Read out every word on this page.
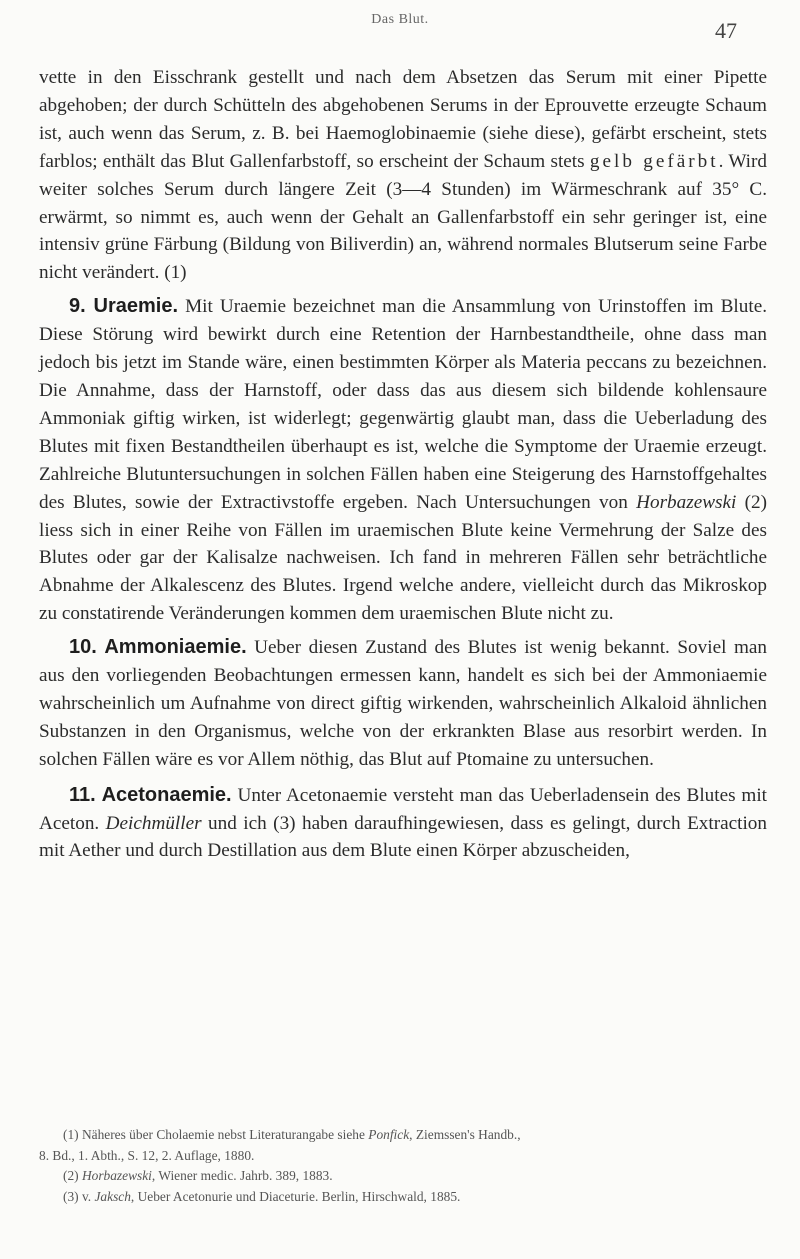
Das Blut.	47

vette in den Eisschrank gestellt und nach dem Absetzen das Serum mit einer Pipette abgehoben; der durch Schütteln des abgehobenen Serums in der Eprouvette erzeugte Schaum ist, auch wenn das Serum, z. B. bei Haemoglobinaemie (siehe diese), gefärbt erscheint, stets farblos; enthält das Blut Gallenfarbstoff, so erscheint der Schaum stets gelb gefärbt. Wird weiter solches Serum durch längere Zeit (3—4 Stunden) im Wärmeschrank auf 35° C. erwärmt, so nimmt es, auch wenn der Gehalt an Gallenfarbstoff ein sehr geringer ist, eine intensiv grüne Färbung (Bildung von Biliverdin) an, während normales Blutserum seine Farbe nicht verändert. (1)

9. Uraemie. Mit Uraemie bezeichnet man die Ansammlung von Urinstoffen im Blute. Diese Störung wird bewirkt durch eine Retention der Harnbestandtheile, ohne dass man jedoch bis jetzt im Stande wäre, einen bestimmten Körper als Materia peccans zu bezeichnen. Die Annahme, dass der Harnstoff, oder dass das aus diesem sich bildende kohlensaure Ammoniak giftig wirken, ist widerlegt; gegenwärtig glaubt man, dass die Ueberladung des Blutes mit fixen Bestandtheilen überhaupt es ist, welche die Symptome der Uraemie erzeugt. Zahlreiche Blutuntersuchungen in solchen Fällen haben eine Steigerung des Harnstoffgehaltes des Blutes, sowie der Extractivstoffe ergeben. Nach Untersuchungen von Horbazewski (2) liess sich in einer Reihe von Fällen im uraemischen Blute keine Vermehrung der Salze des Blutes oder gar der Kalisalze nachweisen. Ich fand in mehreren Fällen sehr beträchtliche Abnahme der Alkalescenz des Blutes. Irgend welche andere, vielleicht durch das Mikroskop zu constatirende Veränderungen kommen dem uraemischen Blute nicht zu.

10. Ammoniaemie. Ueber diesen Zustand des Blutes ist wenig bekannt. Soviel man aus den vorliegenden Beobachtungen ermessen kann, handelt es sich bei der Ammoniaemie wahrscheinlich um Aufnahme von direct giftig wirkenden, wahrscheinlich Alkaloid ähnlichen Substanzen in den Organismus, welche von der erkrankten Blase aus resorbirt werden. In solchen Fällen wäre es vor Allem nöthig, das Blut auf Ptomaine zu untersuchen.

11. Acetonaemie. Unter Acetonaemie versteht man das Ueberladensein des Blutes mit Aceton. Deichmüller und ich (3) haben daraufhingewiesen, dass es gelingt, durch Extraction mit Aether und durch Destillation aus dem Blute einen Körper abzuscheiden,

(1) Näheres über Cholaemie nebst Literaturangabe siehe Ponfick, Ziemssen's Handb.,

8. Bd., 1. Abth., S. 12, 2. Auflage, 1880.

(2) Horbazewski, Wiener medic. Jahrb. 389, 1883.

(3) v. Jaksch, Ueber Acetonurie und Diaceturie. Berlin, Hirschwald, 1885.
